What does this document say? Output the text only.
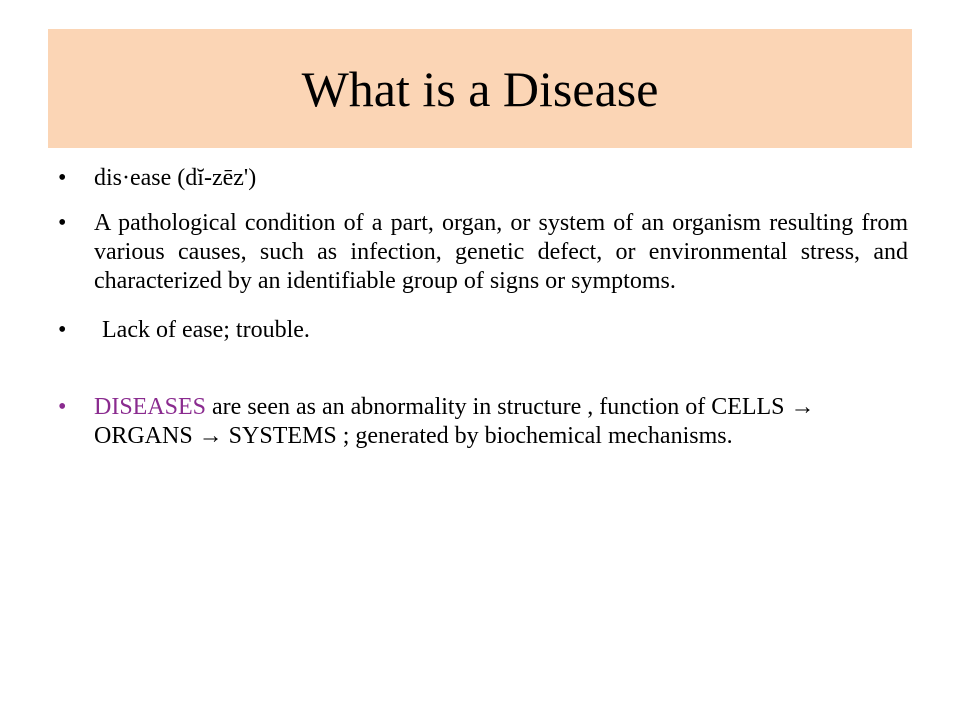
What is a Disease
• dis·ease (dĭ-zēz')
• A pathological condition of a part, organ, or system of an organism resulting from various causes, such as infection, genetic defect, or environmental stress, and characterized by an identifiable group of signs or symptoms.
• Lack of ease; trouble.
• DISEASES are seen as an abnormality in structure , function of CELLS → ORGANS → SYSTEMS ; generated by biochemical mechanisms.
